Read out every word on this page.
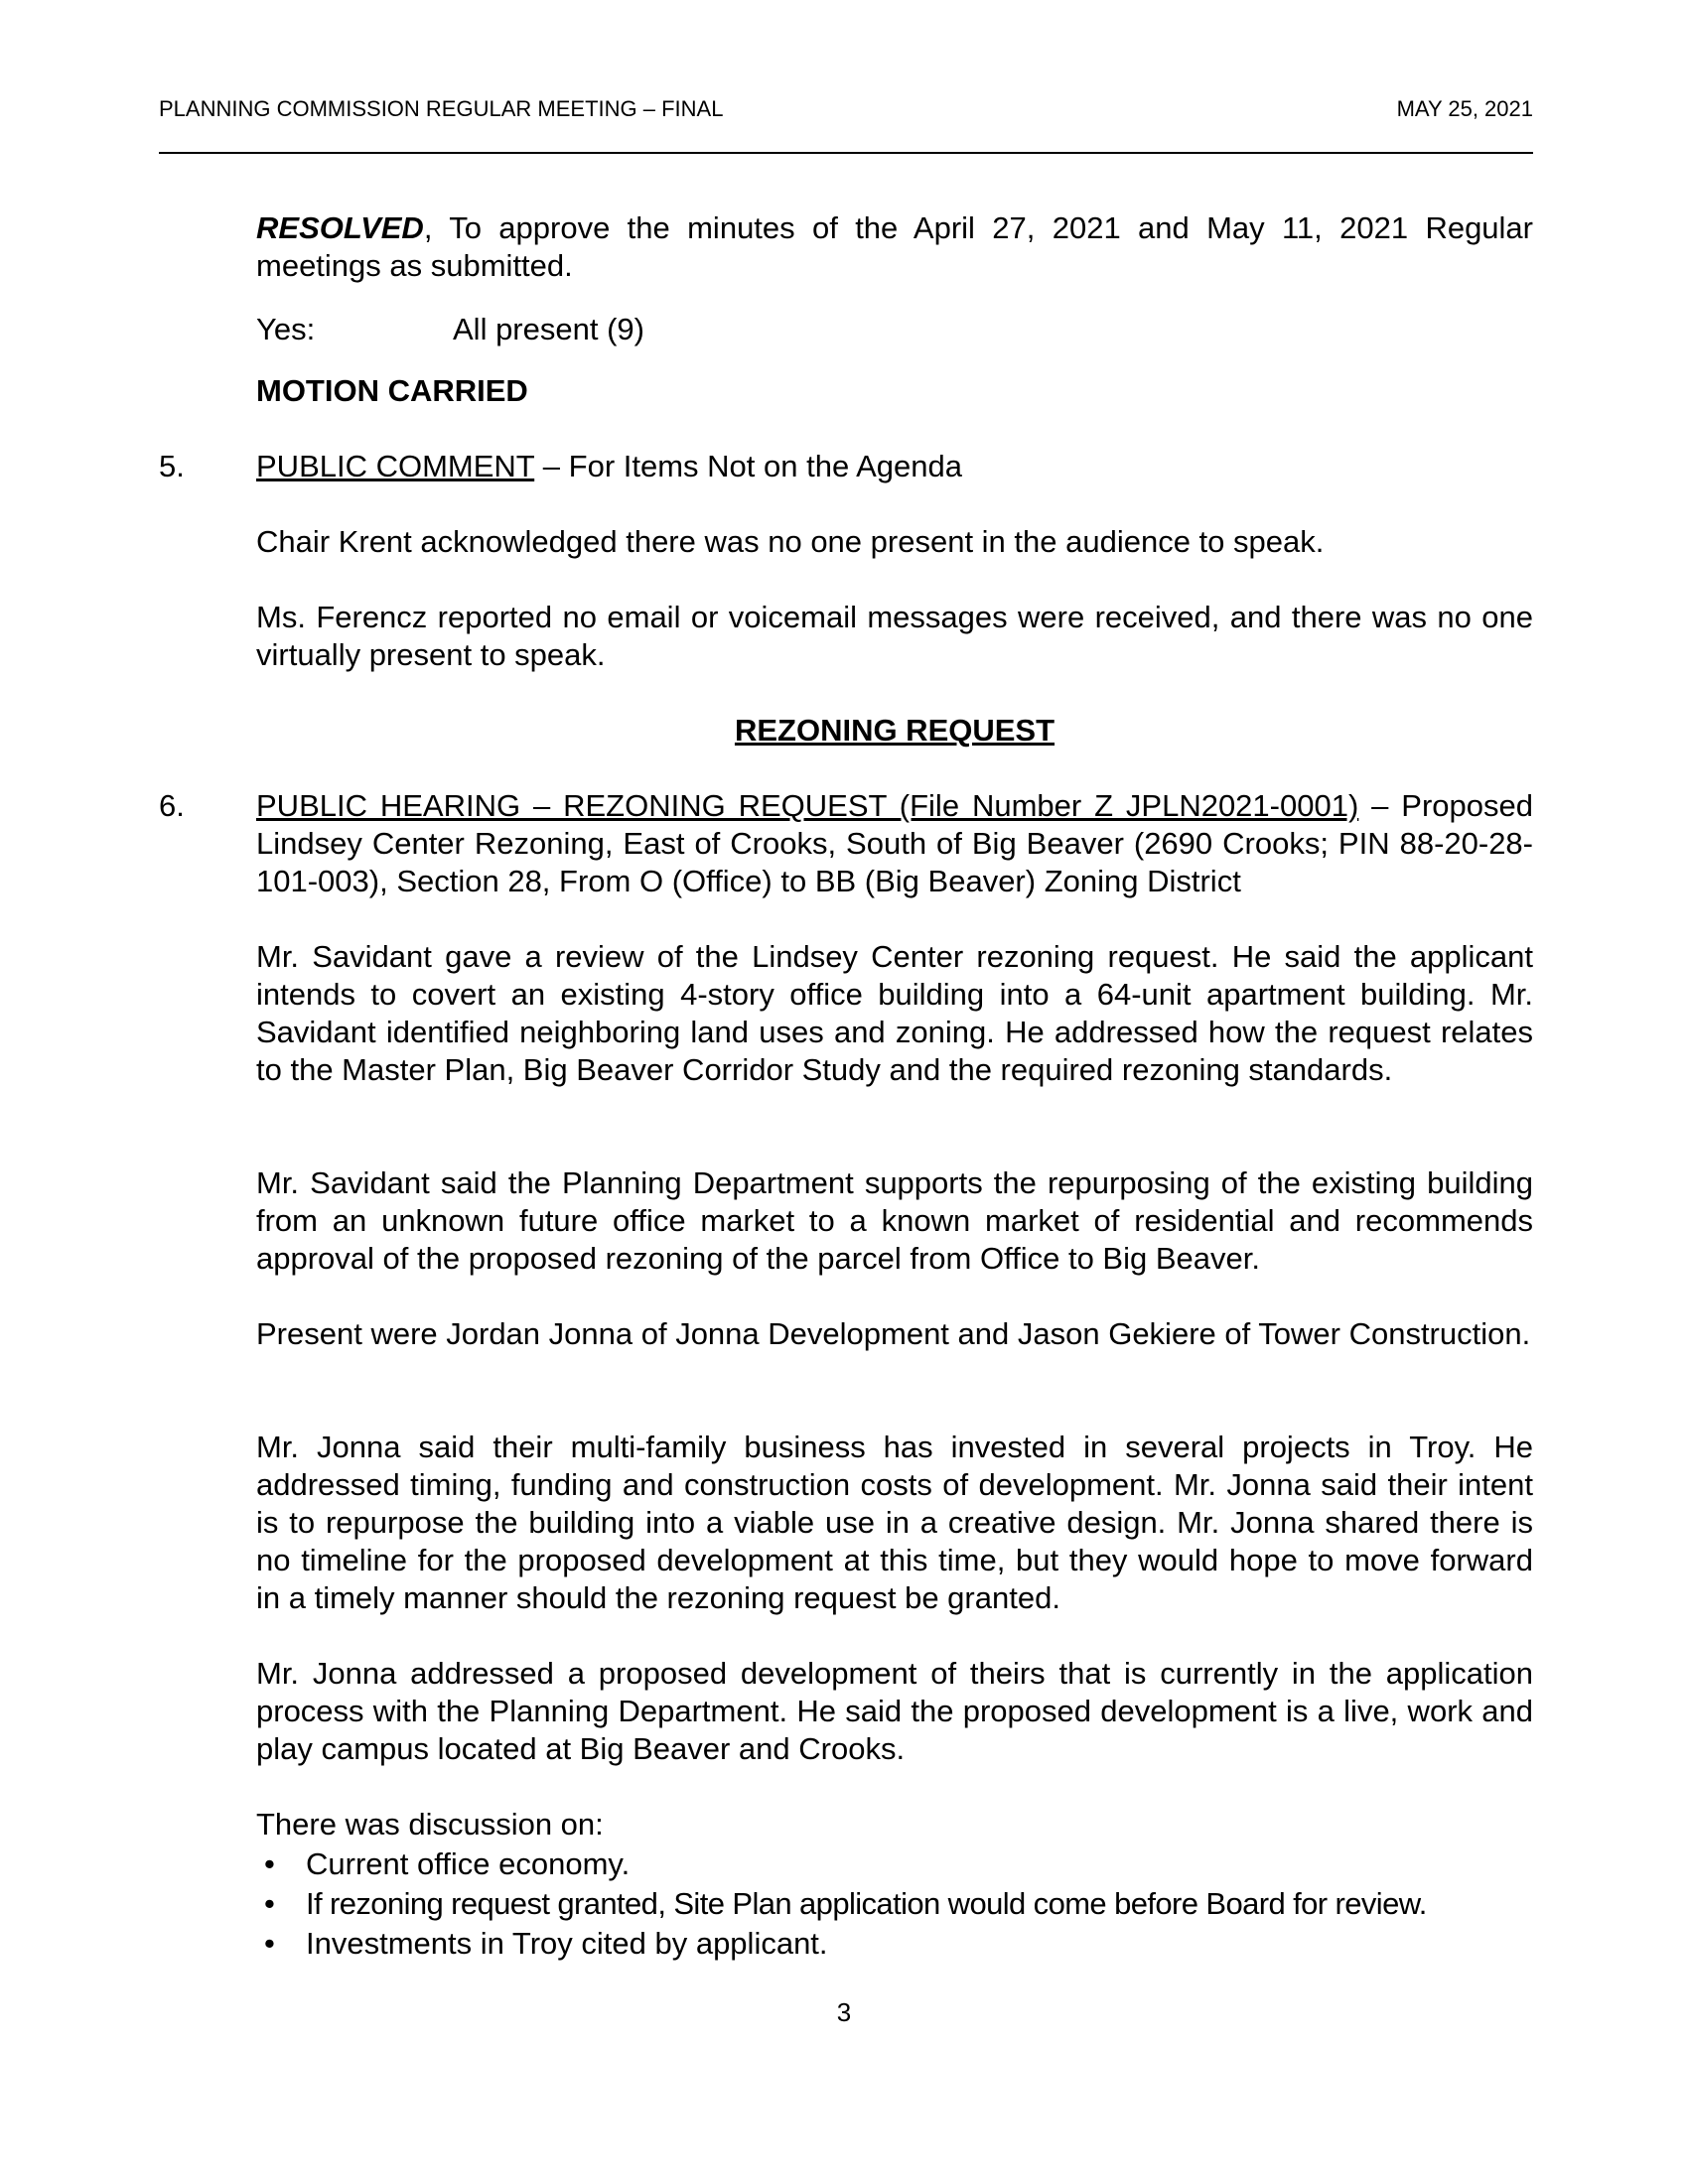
PLANNING COMMISSION REGULAR MEETING – FINAL	MAY 25, 2021
RESOLVED, To approve the minutes of the April 27, 2021 and May 11, 2021 Regular meetings as submitted.
Yes:	All present (9)
MOTION CARRIED
5. PUBLIC COMMENT – For Items Not on the Agenda
Chair Krent acknowledged there was no one present in the audience to speak.
Ms. Ferencz reported no email or voicemail messages were received, and there was no one virtually present to speak.
REZONING REQUEST
6. PUBLIC HEARING – REZONING REQUEST (File Number Z JPLN2021-0001) – Proposed Lindsey Center Rezoning, East of Crooks, South of Big Beaver (2690 Crooks; PIN 88-20-28-101-003), Section 28, From O (Office) to BB (Big Beaver) Zoning District
Mr. Savidant gave a review of the Lindsey Center rezoning request. He said the applicant intends to covert an existing 4-story office building into a 64-unit apartment building. Mr. Savidant identified neighboring land uses and zoning. He addressed how the request relates to the Master Plan, Big Beaver Corridor Study and the required rezoning standards.
Mr. Savidant said the Planning Department supports the repurposing of the existing building from an unknown future office market to a known market of residential and recommends approval of the proposed rezoning of the parcel from Office to Big Beaver.
Present were Jordan Jonna of Jonna Development and Jason Gekiere of Tower Construction.
Mr. Jonna said their multi-family business has invested in several projects in Troy. He addressed timing, funding and construction costs of development. Mr. Jonna said their intent is to repurpose the building into a viable use in a creative design. Mr. Jonna shared there is no timeline for the proposed development at this time, but they would hope to move forward in a timely manner should the rezoning request be granted.
Mr. Jonna addressed a proposed development of theirs that is currently in the application process with the Planning Department. He said the proposed development is a live, work and play campus located at Big Beaver and Crooks.
There was discussion on:
• Current office economy.
• If rezoning request granted, Site Plan application would come before Board for review.
• Investments in Troy cited by applicant.
3
